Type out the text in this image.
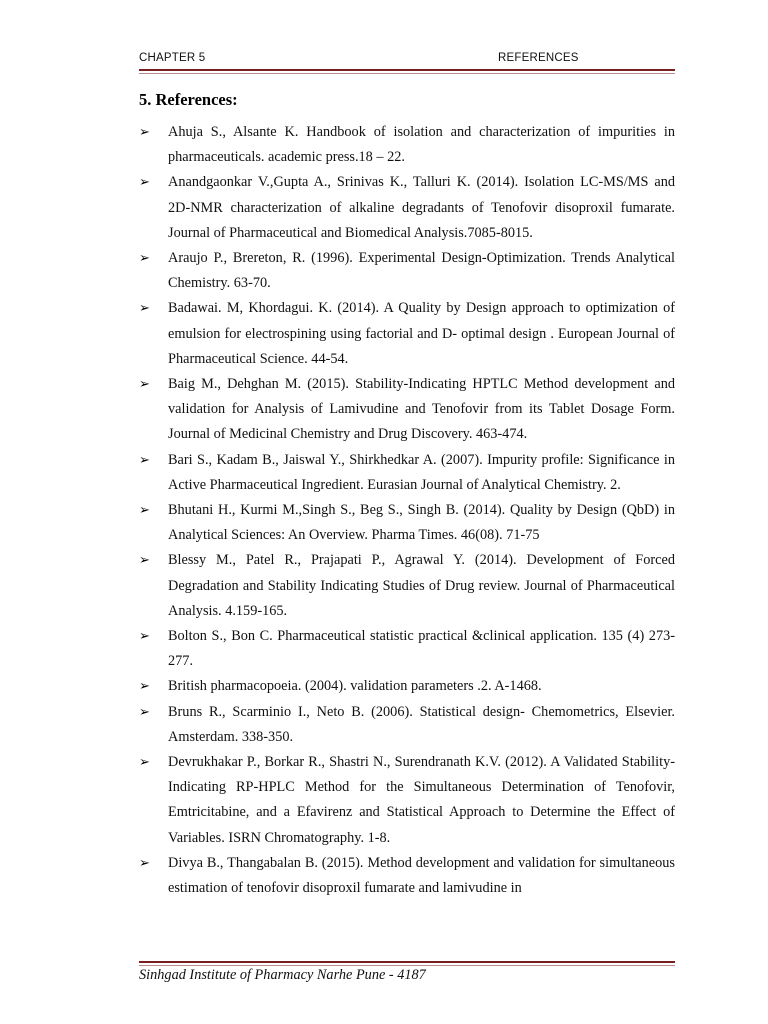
CHAPTER 5	REFERENCES
5. References:
➢ Ahuja S., Alsante K. Handbook of isolation and characterization of impurities in pharmaceuticals. academic press.18 – 22.
➢ Anandgaonkar V.,Gupta A., Srinivas K., Talluri K. (2014). Isolation LC-MS/MS and 2D-NMR characterization of alkaline degradants of Tenofovir disoproxil fumarate. Journal of Pharmaceutical and Biomedical Analysis.7085-8015.
➢ Araujo P., Brereton, R. (1996). Experimental Design-Optimization. Trends Analytical Chemistry. 63-70.
➢ Badawai. M, Khordagui. K. (2014). A Quality by Design approach to optimization of emulsion for electrospining using factorial and D- optimal design . European Journal of Pharmaceutical Science. 44-54.
➢ Baig M., Dehghan M. (2015). Stability-Indicating HPTLC Method development and validation for Analysis of Lamivudine and Tenofovir from its Tablet Dosage Form. Journal of Medicinal Chemistry and Drug Discovery. 463-474.
➢ Bari S., Kadam B., Jaiswal Y., Shirkhedkar A. (2007). Impurity profile: Significance in Active Pharmaceutical Ingredient. Eurasian Journal of Analytical Chemistry. 2.
➢ Bhutani H., Kurmi M.,Singh S., Beg S., Singh B. (2014). Quality by Design (QbD) in Analytical Sciences: An Overview. Pharma Times. 46(08). 71-75
➢ Blessy M., Patel R., Prajapati P., Agrawal Y. (2014). Development of Forced Degradation and Stability Indicating Studies of Drug review. Journal of Pharmaceutical Analysis. 4.159-165.
➢ Bolton S., Bon C. Pharmaceutical statistic practical &clinical application. 135 (4) 273-277.
➢ British pharmacopoeia. (2004). validation parameters .2. A-1468.
➢ Bruns R., Scarminio I., Neto B. (2006). Statistical design- Chemometrics, Elsevier. Amsterdam. 338-350.
➢ Devrukhakar P., Borkar R., Shastri N., Surendranath K.V. (2012). A Validated Stability-Indicating RP-HPLC Method for the Simultaneous Determination of Tenofovir, Emtricitabine, and a Efavirenz and Statistical Approach to Determine the Effect of Variables. ISRN Chromatography. 1-8.
➢ Divya B., Thangabalan B. (2015). Method development and validation for simultaneous estimation of tenofovir disoproxil fumarate and lamivudine in
Sinhgad Institute of Pharmacy Narhe Pune - 4187
